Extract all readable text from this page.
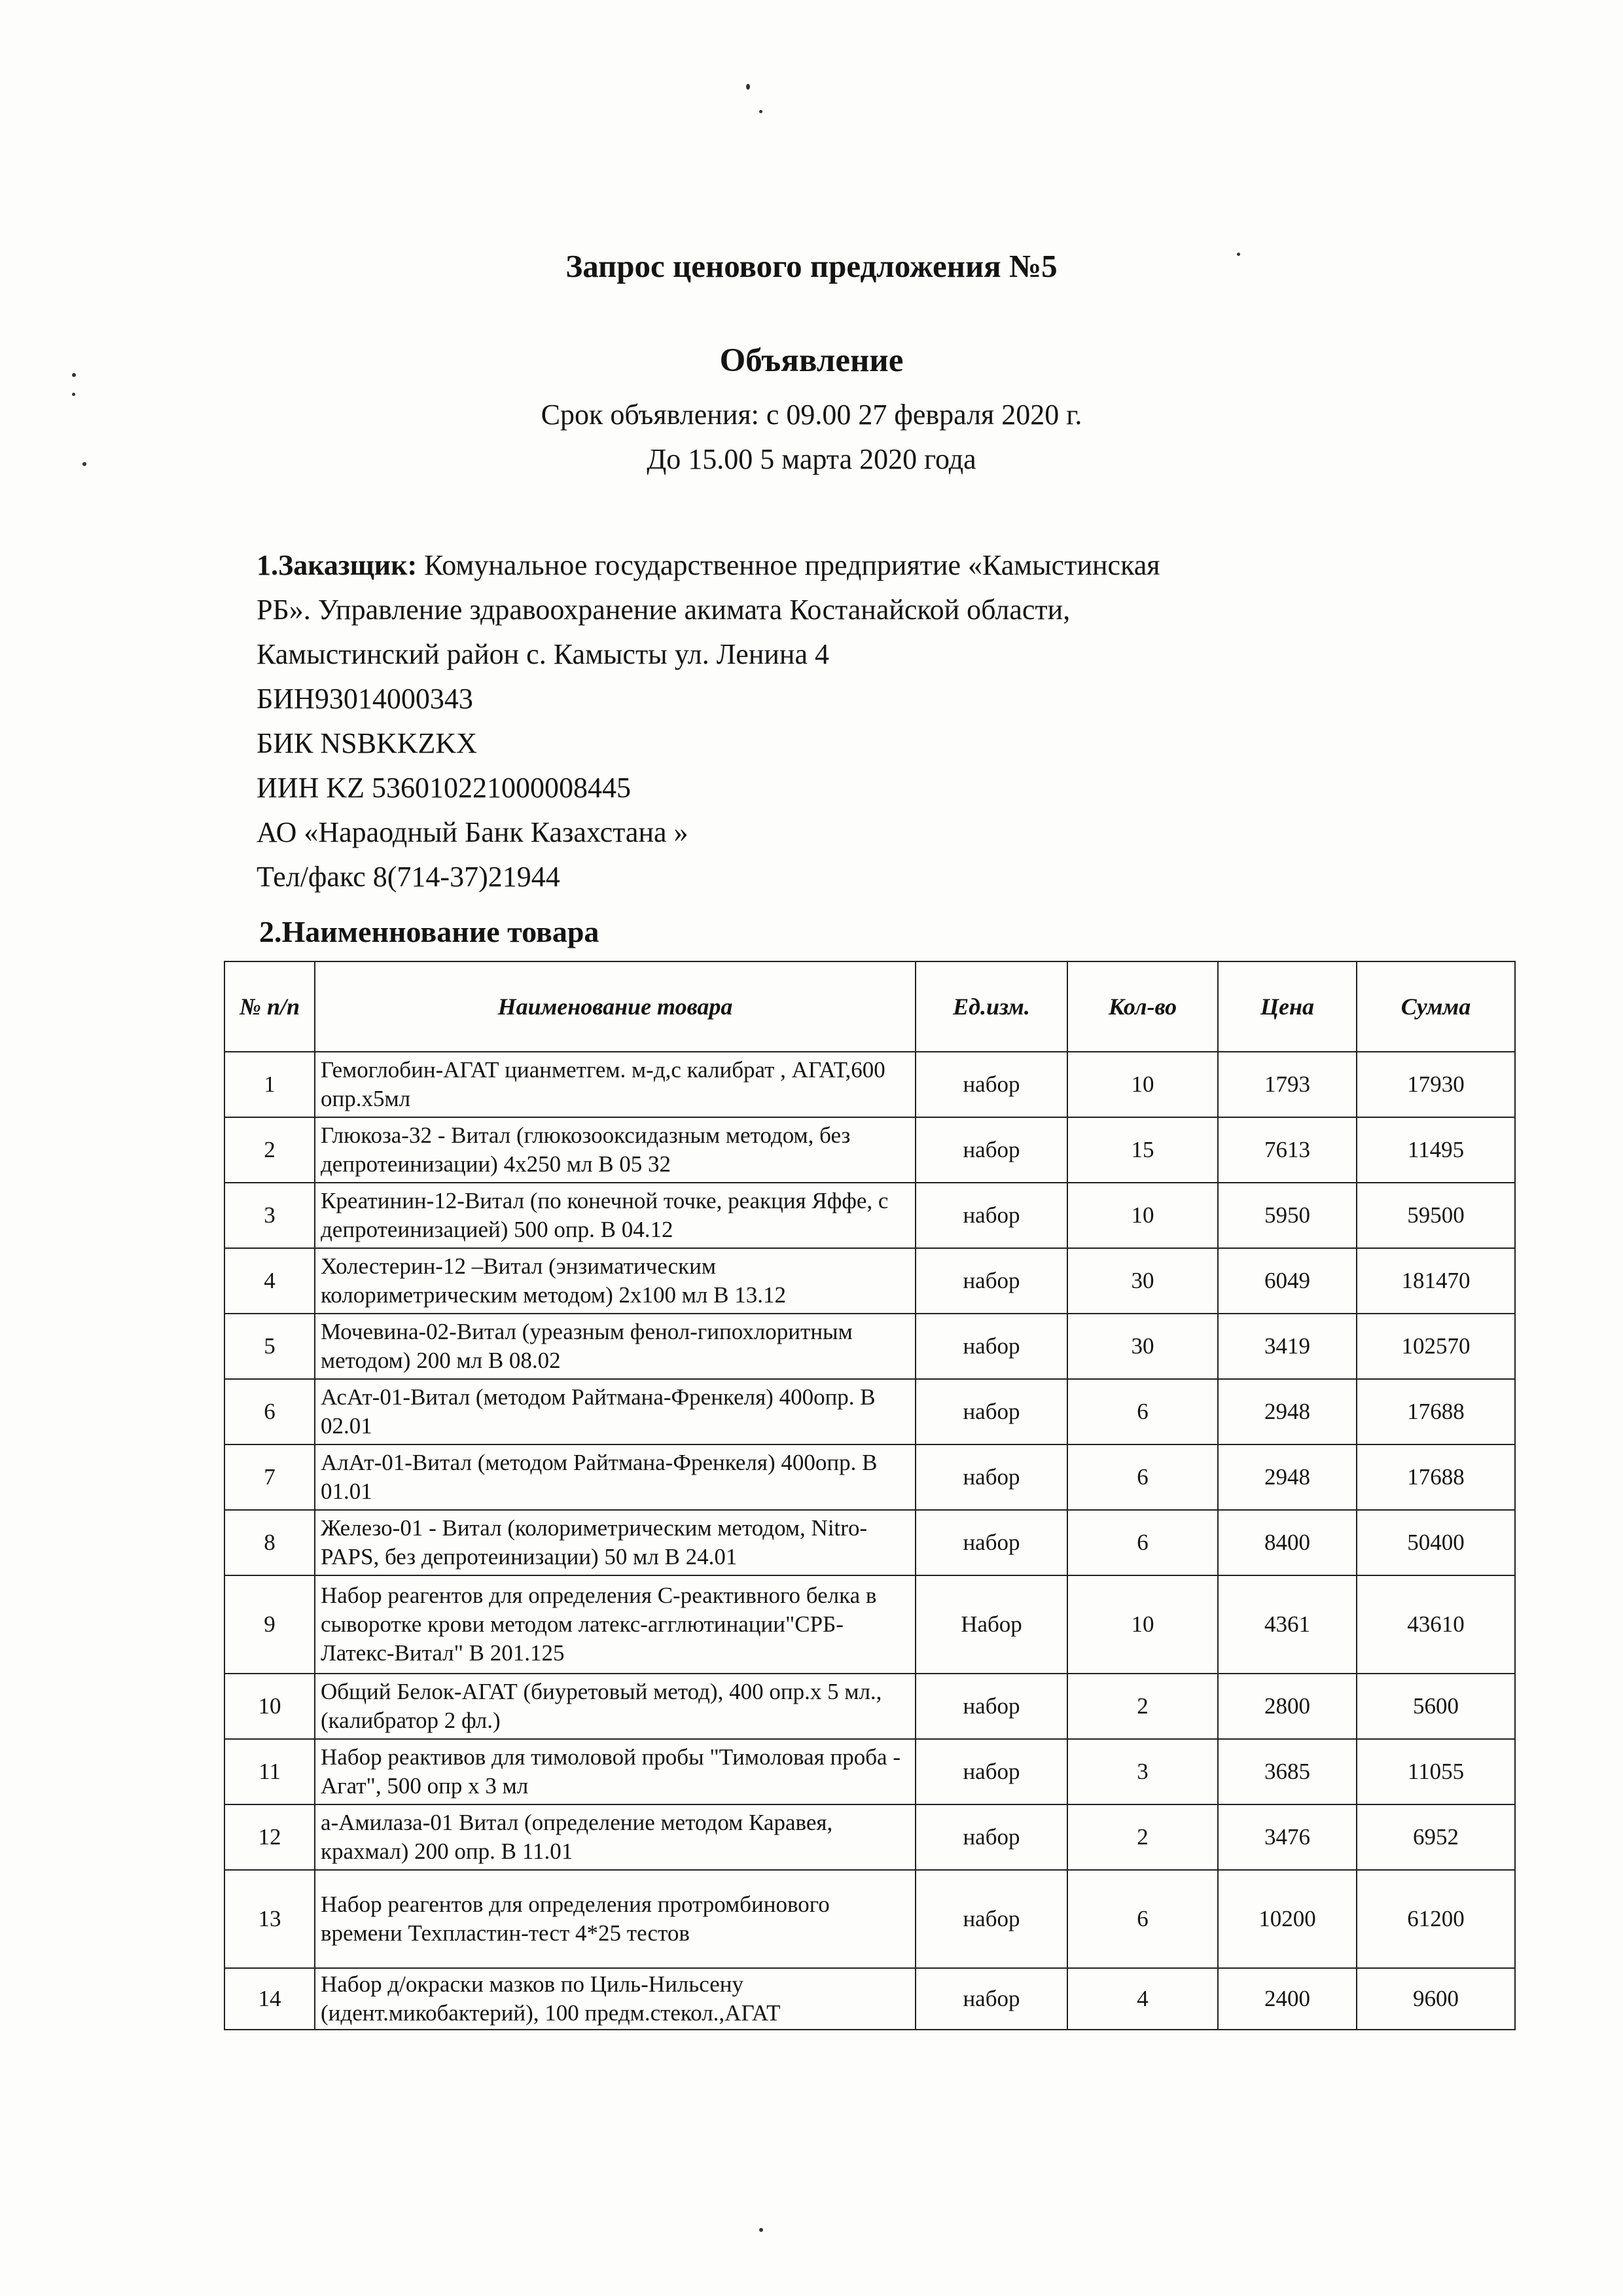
Запрос ценового предложения №5
Объявление
Срок объявления: с 09.00 27 февраля 2020 г.
До 15.00 5 марта 2020 года
1.Заказщик: Комунальное государственное предприятие «Камыстинская
РБ». Управление здравоохранение акимата Костанайской области,
Камыстинский район с. Камысты ул. Ленина 4
БИН93014000343
БИК NSBKKZKX
ИИН KZ 536010221000008445
АО «Нараодный Банк Казахстана »
Тел/факс 8(714-37)21944
2.Наименнование товара
№ п/п	Наименование товара	Ед.изм.	Кол-во	Цена	Сумма
1	Гемоглобин-АГАТ цианметгем. м-д,с калибрат , АГАТ,600 опр.х5мл	набор	10	1793	17930
2	Глюкоза-32 - Витал (глюкозооксидазным методом, без депротеинизации) 4х250 мл В 05 32	набор	15	7613	11495
3	Креатинин-12-Витал (по конечной точке, реакция Яффе, с депротеинизацией) 500 опр. В 04.12	набор	10	5950	59500
4	Холестерин-12 –Витал (энзиматическим колориметрическим методом) 2х100 мл В 13.12	набор	30	6049	181470
5	Мочевина-02-Витал (уреазным фенол-гипохлоритным методом) 200 мл В 08.02	набор	30	3419	102570
6	АсАт-01-Витал (методом Райтмана-Френкеля) 400опр. В 02.01	набор	6	2948	17688
7	АлАт-01-Витал (методом Райтмана-Френкеля) 400опр. В 01.01	набор	6	2948	17688
8	Железо-01 - Витал (колориметрическим методом, Nitro-PAPS, без депротеинизации) 50 мл В 24.01	набор	6	8400	50400
9	Набор реагентов для определения С-реактивного белка в сыворотке крови методом латекс-агглютинации"СРБ-Латекс-Витал" В 201.125	Набор	10	4361	43610
10	Общий Белок-АГАТ (биуретовый метод), 400 опр.х 5 мл., (калибратор 2 фл.)	набор	2	2800	5600
11	Набор реактивов для тимоловой пробы "Тимоловая проба - Агат", 500 опр х 3 мл	набор	3	3685	11055
12	а-Амилаза-01 Витал (определение методом Каравея, крахмал) 200 опр. В 11.01	набор	2	3476	6952
13	Набор реагентов для определения протромбинового времени Техпластин-тест 4*25 тестов	набор	6	10200	61200
14	Набор д/окраски мазков по Циль-Нильсену (идент.микобактерий), 100 предм.стекол.,АГАТ	набор	4	2400	9600
